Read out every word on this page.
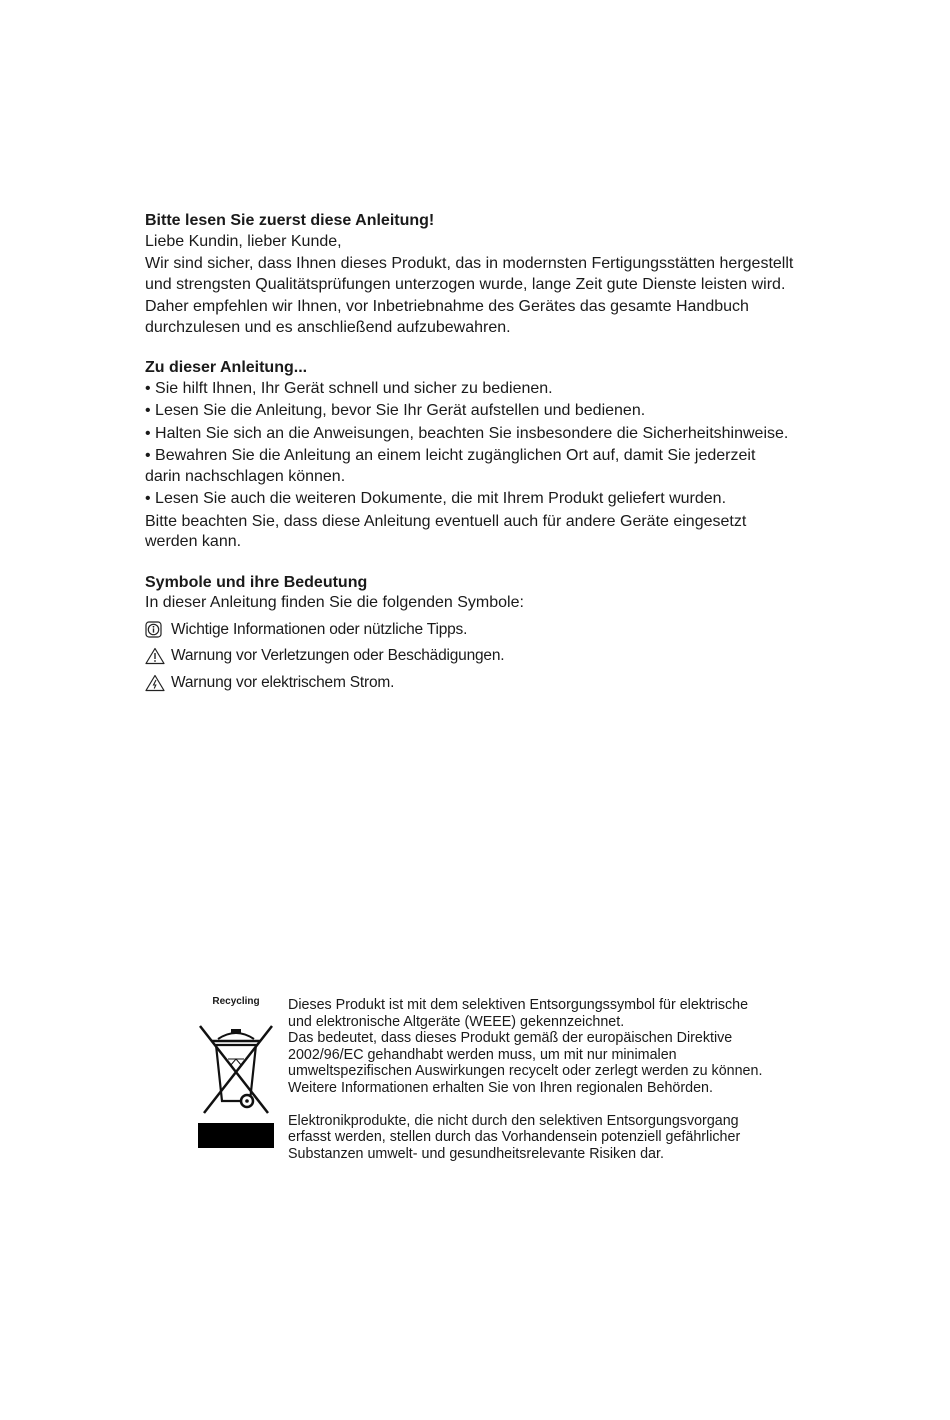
Bitte lesen Sie zuerst diese Anleitung!

Liebe Kundin, lieber Kunde,

Wir sind sicher, dass Ihnen dieses Produkt, das in modernsten Fertigungsstätten hergestellt und strengsten Qualitätsprüfungen unterzogen wurde, lange Zeit gute Dienste leisten wird.

Daher empfehlen wir Ihnen, vor Inbetriebnahme des Gerätes das gesamte Handbuch durchzulesen und es anschließend aufzubewahren.

Zu dieser Anleitung...

• Sie hilft Ihnen, Ihr Gerät schnell und sicher zu bedienen.

• Lesen Sie die Anleitung, bevor Sie Ihr Gerät aufstellen und bedienen.

• Halten Sie sich an die Anweisungen, beachten Sie insbesondere die Sicherheitshinweise.

• Bewahren Sie die Anleitung an einem leicht zugänglichen Ort auf, damit Sie jederzeit darin nachschlagen können.

• Lesen Sie auch die weiteren Dokumente, die mit Ihrem Produkt geliefert wurden.

Bitte beachten Sie, dass diese Anleitung eventuell auch für andere Geräte eingesetzt werden kann.

Symbole und ihre Bedeutung

In dieser Anleitung finden Sie die folgenden Symbole:

Wichtige Informationen oder nützliche Tipps.
Warnung vor Verletzungen oder Beschädigungen.
Warnung vor elektrischem Strom.
Recycling	Dieses Produkt ist mit dem selektiven Entsorgungssymbol für elektrische und elektronische Altgeräte (WEEE) gekennzeichnet.

Das bedeutet, dass dieses Produkt gemäß der europäischen Direktive 2002/96/EC gehandhabt werden muss, um mit nur minimalen umweltspezifischen Auswirkungen recycelt oder zerlegt werden zu können.

Weitere Informationen erhalten Sie von Ihren regionalen Behörden.

Elektronikprodukte, die nicht durch den selektiven Entsorgungsvorgang erfasst werden, stellen durch das Vorhandensein potenziell gefährlicher Substanzen umwelt- und gesundheitsrelevante Risiken dar.
